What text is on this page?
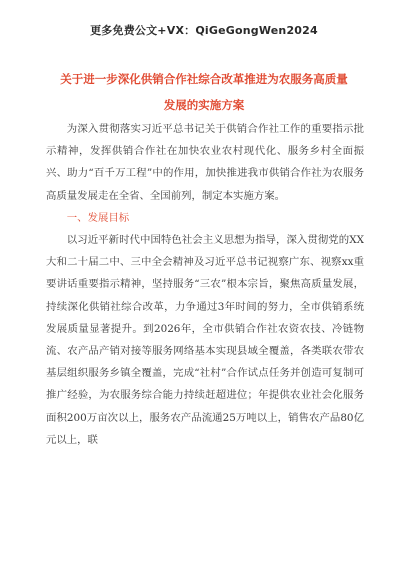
更多免费公文+VX：QiGeGongWen2024
关于进一步深化供销合作社综合改革推进为农服务高质量
发展的实施方案

为深入贯彻落实习近平总书记关于供销合作社工作的重要指示批示精神，发挥供销合作社在加快农业农村现代化、服务乡村全面振兴、助力“百千万工程”中的作用，加快推进我市供销合作社为农服务高质量发展走在全省、全国前列，制定本实施方案。

一、发展目标

以习近平新时代中国特色社会主义思想为指导，深入贯彻党的XX大和二十届二中、三中全会精神及习近平总书记视察广东、视察xx重要讲话重要指示精神，坚持服务“三农”根本宗旨，聚焦高质量发展，持续深化供销社综合改革，力争通过3年时间的努力，全市供销系统发展质量显著提升。到2026年，全市供销合作社农资农技、冷链物流、农产品产销对接等服务网络基本实现县域全覆盖，各类联农带农基层组织服务乡镇全覆盖，完成“社村”合作试点任务并创造可复制可推广经验，为农服务综合能力持续赶超进位；年提供农业社会化服务面积200万亩次以上，服务农产品流通25万吨以上，销售农产品80亿元以上，联
